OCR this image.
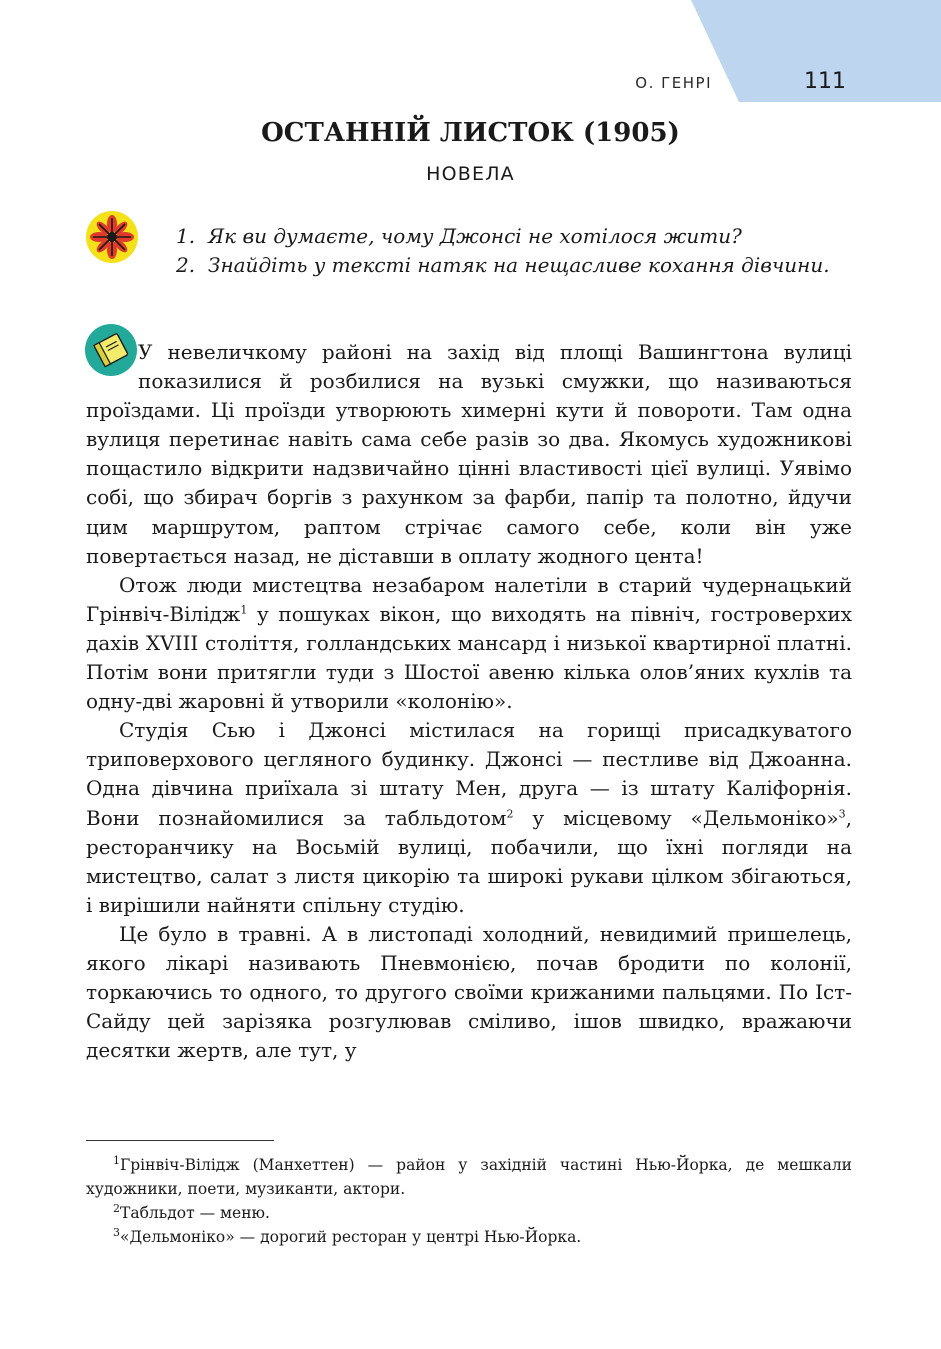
О. ГЕНРІ	111
ОСТАННІЙ ЛИСТОК (1905)
НОВЕЛА
1. Як ви думаєте, чому Джонсі не хотілося жити?
2. Знайдіть у тексті натяк на нещасливе кохання дівчини.

У невеличкому районі на захід від площі Вашингтона вулиці показилися й розбилися на вузькі смужки, що називаються проїздами. Ці проїзди утворюють химерні кути й повороти. Там одна вулиця перетинає навіть сама себе разів зо два. Якомусь художникові пощастило відкрити надзвичайно цінні властивості цієї вулиці. Уявімо собі, що збирач боргів з рахунком за фарби, папір та полотно, йдучи цим маршрутом, раптом стрічає самого себе, коли він уже повертається назад, не діставши в оплату жодного цента!

Отож люди мистецтва незабаром налетіли в старий чудернацький Грінвіч-Вілідж$^1$ у пошуках вікон, що виходять на північ, гостроверхих дахів XVIII століття, голландських мансард і низької квартирної платні. Потім вони притягли туди з Шостої авеню кілька олов’яних кухлів та одну-дві жаровні й утворили «колонію».

Студія Сью і Джонсі містилася на горищі присадкуватого триповерхового цегляного будинку. Джонсі — пестливе від Джоанна. Одна дівчина приїхала зі штату Мен, друга — із штату Каліфорнія. Вони познайомилися за табльдотом$^2$ у місцевому «Дельмоніко»$^3$, ресторанчику на Восьмій вулиці, побачили, що їхні погляди на мистецтво, салат з листя цикорію та широкі рукави цілком збігаються, і вирішили найняти спільну студію.

Це було в травні. А в листопаді холодний, невидимий пришелець, якого лікарі називають Пневмонією, почав бродити по колонії, торкаючись то одного, то другого своїми крижаними пальцями. По Іст-Сайду цей зарізяка розгулював сміливо, ішов швидко, вражаючи десятки жертв, але тут, у

$^1$Грінвіч-Вілідж (Манхеттен) — район у західній частині Нью-Йорка, де мешкали художники, поети, музиканти, актори.

$^2$Табльдот — меню.

$^3$«Дельмоніко» — дорогий ресторан у центрі Нью-Йорка.
